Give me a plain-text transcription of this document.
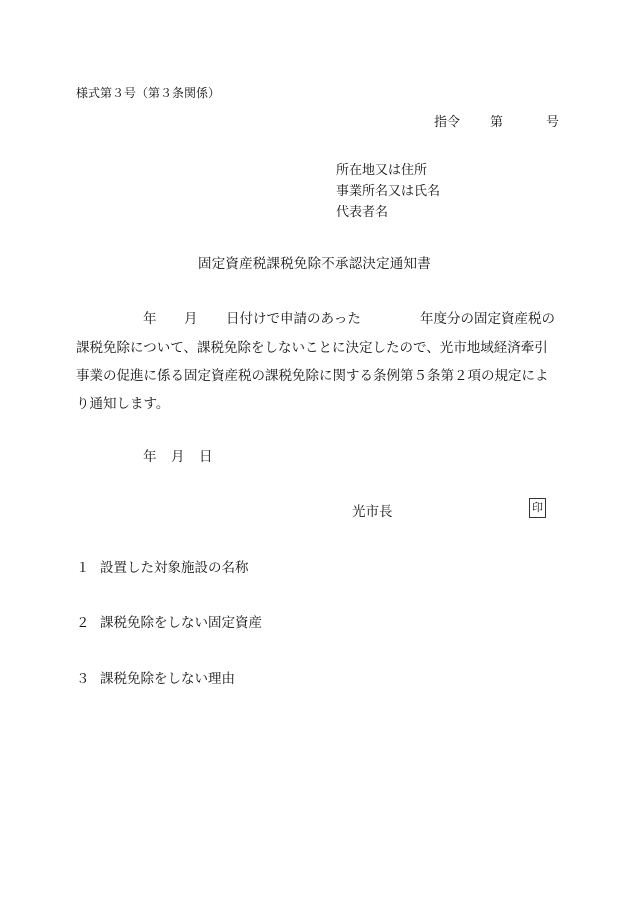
様式第３号（第３条関係）
指令 第	号
所在地又は住所
事業所名又は氏名
代表者名
固定資産税課税免除不承認決定通知書
年 月 日付けで申請のあった	年度分の固定資産税の
課税免除について、課税免除をしないことに決定したので、光市地域経済牽引
事業の促進に係る固定資産税の課税免除に関する条例第５条第２項の規定によ
り通知します。
年 月 日
光市長	印
１ 設置した対象施設の名称
２ 課税免除をしない固定資産
３ 課税免除をしない理由
